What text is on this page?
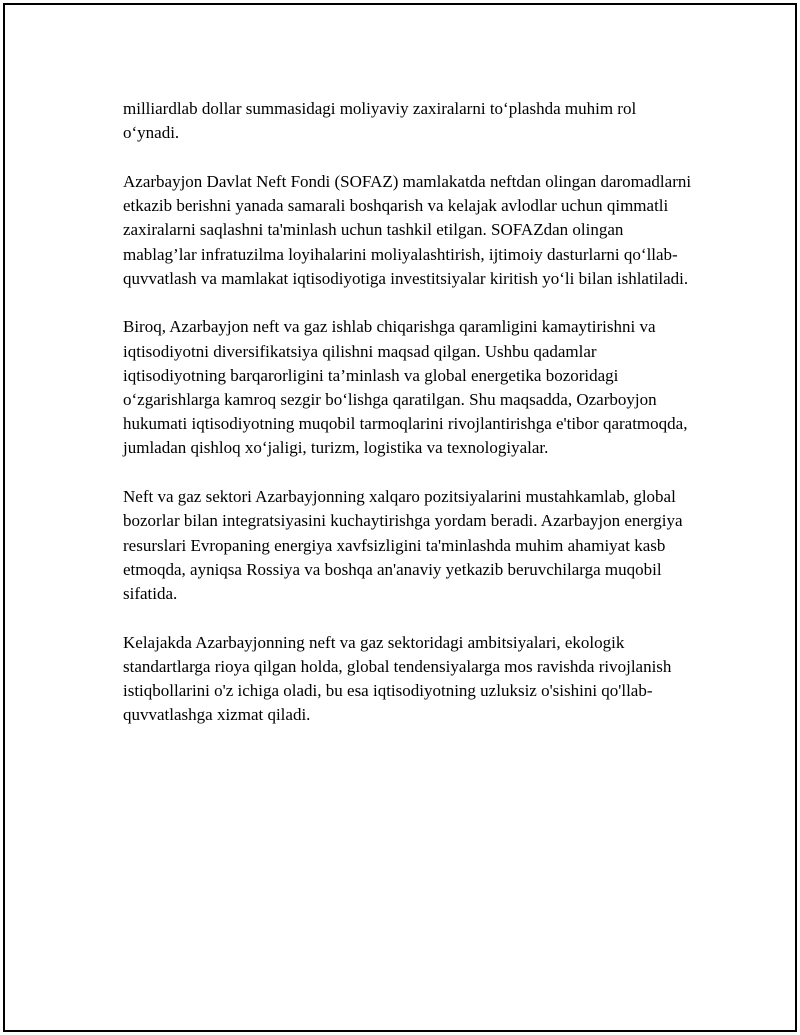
milliardlab dollar summasidagi moliyaviy zaxiralarni to‘plashda muhim rol o‘ynadi.

Azarbayjon Davlat Neft Fondi (SOFAZ) mamlakatda neftdan olingan daromadlarni etkazib berishni yanada samarali boshqarish va kelajak avlodlar uchun qimmatli zaxiralarni saqlashni ta'minlash uchun tashkil etilgan. SOFAZdan olingan mablag’lar infratuzilma loyihalarini moliyalashtirish, ijtimoiy dasturlarni qo‘llab-quvvatlash va mamlakat iqtisodiyotiga investitsiyalar kiritish yo‘li bilan ishlatiladi.

Biroq, Azarbayjon neft va gaz ishlab chiqarishga qaramligini kamaytirishni va iqtisodiyotni diversifikatsiya qilishni maqsad qilgan. Ushbu qadamlar iqtisodiyotning barqarorligini ta’minlash va global energetika bozoridagi o‘zgarishlarga kamroq sezgir bo‘lishga qaratilgan. Shu maqsadda, Ozarboyjon hukumati iqtisodiyotning muqobil tarmoqlarini rivojlantirishga e'tibor qaratmoqda, jumladan qishloq xo‘jaligi, turizm, logistika va texnologiyalar.

Neft va gaz sektori Azarbayjonning xalqaro pozitsiyalarini mustahkamlab, global bozorlar bilan integratsiyasini kuchaytirishga yordam beradi. Azarbayjon energiya resurslari Evropaning energiya xavfsizligini ta'minlashda muhim ahamiyat kasb etmoqda, ayniqsa Rossiya va boshqa an'anaviy yetkazib beruvchilarga muqobil sifatida.

Kelajakda Azarbayjonning neft va gaz sektoridagi ambitsiyalari, ekologik standartlarga rioya qilgan holda, global tendensiyalarga mos ravishda rivojlanish istiqbollarini o'z ichiga oladi, bu esa iqtisodiyotning uzluksiz o'sishini qo'llab-quvvatlashga xizmat qiladi.
